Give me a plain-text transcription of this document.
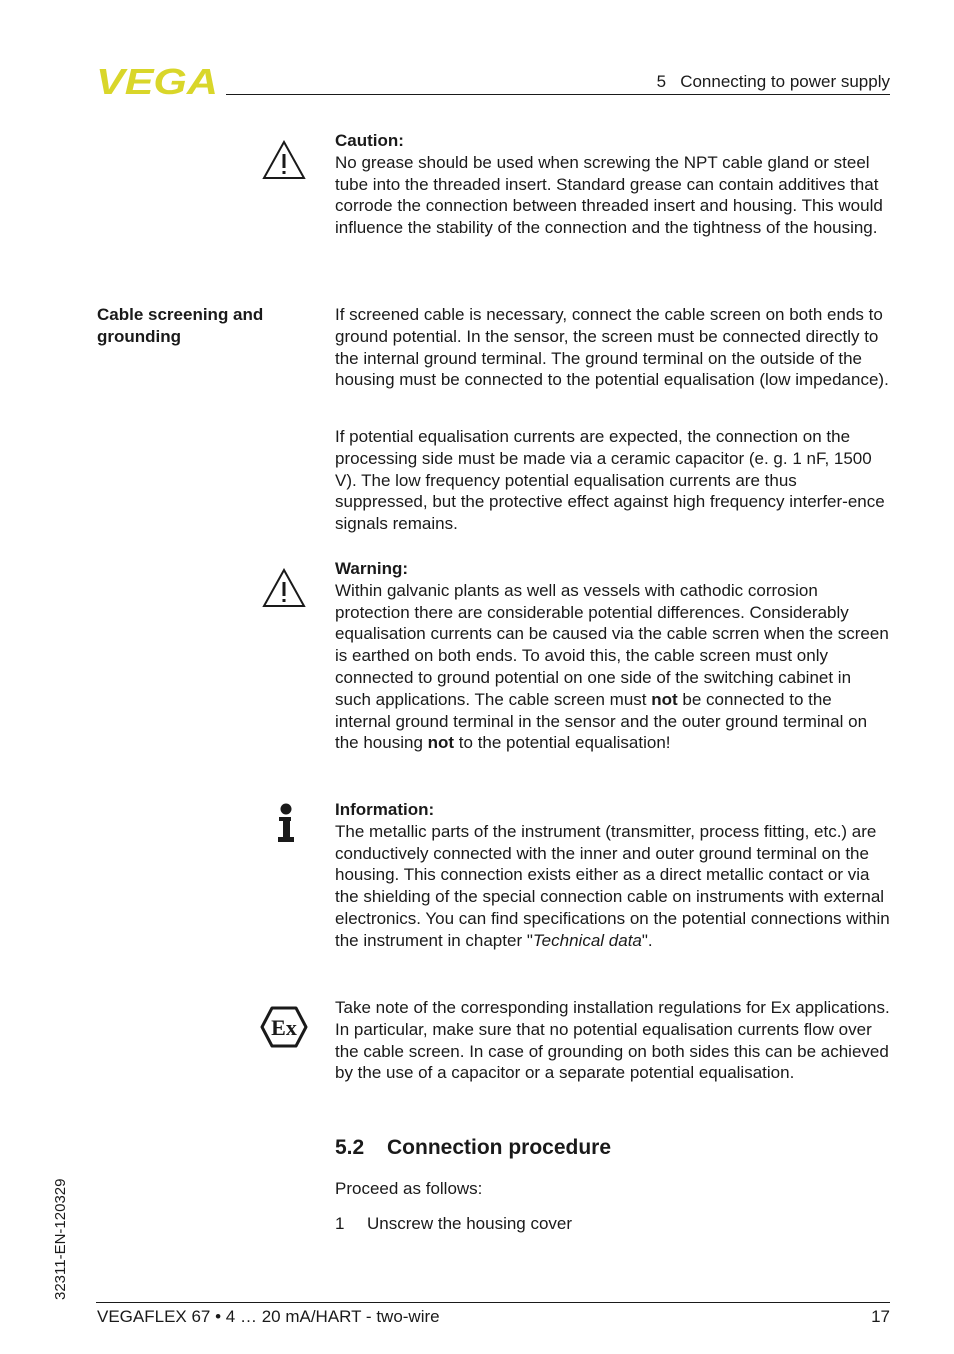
VEGA	5   Connecting to power supply
Caution:
No grease should be used when screwing the NPT cable gland or steel tube into the threaded insert. Standard grease can contain additives that corrode the connection between threaded insert and housing. This would influence the stability of the connection and the tightness of the housing.
Cable screening and grounding
If screened cable is necessary, connect the cable screen on both ends to ground potential. In the sensor, the screen must be connected directly to the internal ground terminal. The ground terminal on the outside of the housing must be connected to the potential equalisation (low impedance).
If potential equalisation currents are expected, the connection on the processing side must be made via a ceramic capacitor (e. g. 1 nF, 1500 V). The low frequency potential equalisation currents are thus suppressed, but the protective effect against high frequency interfer-ence signals remains.
Warning:
Within galvanic plants as well as vessels with cathodic corrosion protection there are considerable potential differences. Considerably equalisation currents can be caused via the cable scrren when the screen is earthed on both ends. To avoid this, the cable screen must only connected to ground potential on one side of the switching cabinet in such applications. The cable screen must not be connected to the internal ground terminal in the sensor and the outer ground terminal on the housing not to the potential equalisation!
Information:
The metallic parts of the instrument (transmitter, process fitting, etc.) are conductively connected with the inner and outer ground terminal on the housing. This connection exists either as a direct metallic contact or via the shielding of the special connection cable on instruments with external electronics. You can find specifications on the potential connections within the instrument in chapter "Technical data".
Ex
Take note of the corresponding installation regulations for Ex applications. In particular, make sure that no potential equalisation currents flow over the cable screen. In case of grounding on both sides this can be achieved by the use of a capacitor or a separate potential equalisation.
5.2 Connection procedure
Proceed as follows:
1 Unscrew the housing cover
32311-EN-120329
VEGAFLEX 67 • 4 … 20 mA/HART - two-wire	17
